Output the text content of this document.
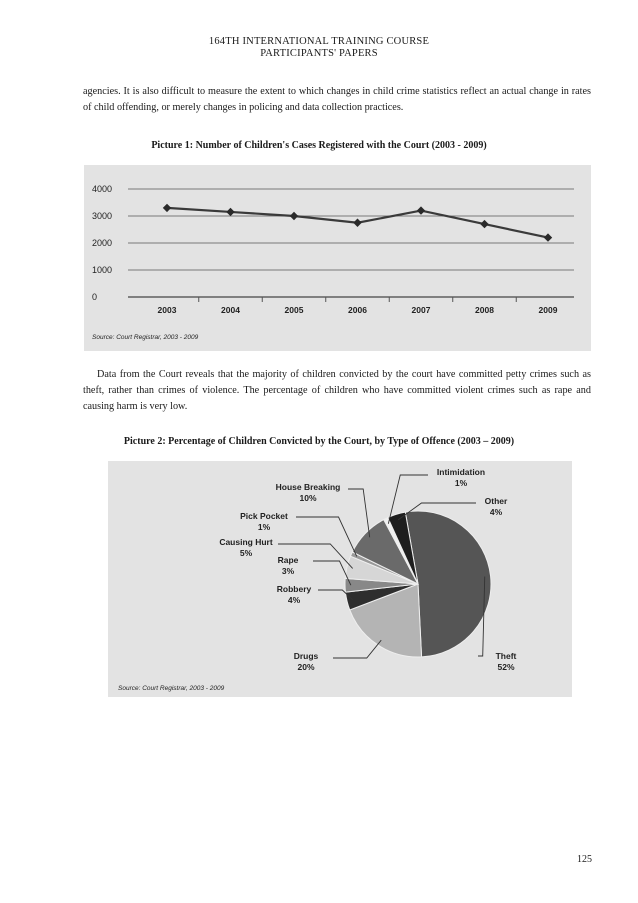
164TH INTERNATIONAL TRAINING COURSE
PARTICIPANTS' PAPERS
agencies. It is also difficult to measure the extent to which changes in child crime statistics reflect an actual change in rates of child offending, or merely changes in policing and data collection practices.
Picture 1: Number of Children's Cases Registered with the Court (2003 - 2009)
4000
3000
2000
1000
0
2003	2004	2005	2006	2007	2008	2009
Source: Court Registrar, 2003 - 2009
Data from the Court reveals that the majority of children convicted by the court have committed petty crimes such as theft, rather than crimes of violence. The percentage of children who have committed violent crimes such as rape and causing harm is very low.
Picture 2: Percentage of Children Convicted by the Court, by Type of Offence (2003 – 2009)
Theft
52%
Drugs
20%
Robbery
4%
Rape
3%
Causing Hurt
5%
Pick Pocket
1%
House Breaking
10%
Intimidation
1%
Other
4%
Source: Court Registrar, 2003 - 2009
125
